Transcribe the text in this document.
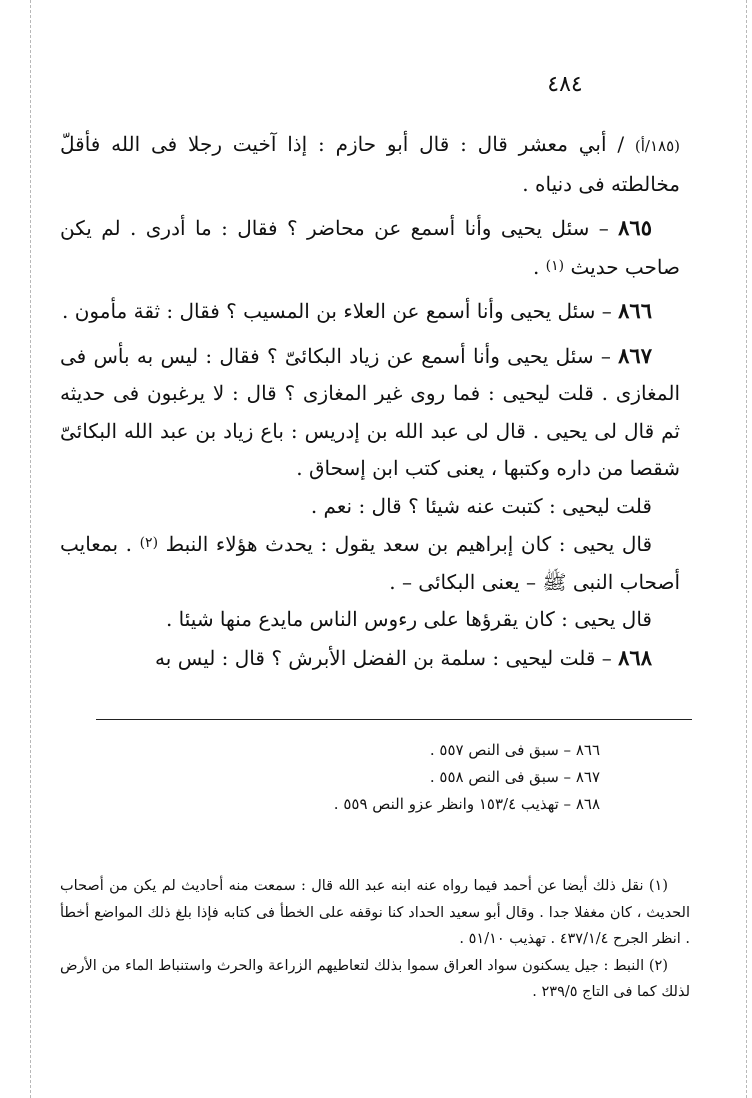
٤٨٤

(١٨٥/أ) / أبي معشر قال : قال أبو حازم : إذا آخيت رجلا فى الله فأقلّ مخالطته فى دنياه .

٨٦٥ – سئل يحيى وأنا أسمع عن محاضر ؟ فقال : ما أدرى . لم يكن صاحب حديث $^{(١)}$ .

٨٦٦ – سئل يحيى وأنا أسمع عن العلاء بن المسيب ؟ فقال : ثقة مأمون .

٨٦٧ – سئل يحيى وأنا أسمع عن زياد البكائىّ ؟ فقال : ليس به بأس فى المغازى . قلت ليحيى : فما روى غير المغازى ؟ قال : لا يرغبون فى حديثه ثم قال لى يحيى . قال لى عبد الله بن إدريس : باع زياد بن عبد الله البكائىّ شقصا من داره وكتبها ، يعنى كتب ابن إسحاق .

قلت ليحيى : كتبت عنه شيئا ؟ قال : نعم .

قال يحيى : كان إبراهيم بن سعد يقول : يحدث هؤلاء النبط $^{(٢)}$ . بمعايب أصحاب النبى ﷺ – يعنى البكائى – .

قال يحيى : كان يقرؤها على رءوس الناس مايدع منها شيئا .

٨٦٨ – قلت ليحيى : سلمة بن الفضل الأبرش ؟ قال : ليس به

٨٦٦ – سبق فى النص ٥٥٧ .

٨٦٧ – سبق فى النص ٥٥٨ .

٨٦٨ – تهذيب ١٥٣/٤ وانظر عزو النص ٥٥٩ .

(١) نقل ذلك أيضا عن أحمد فيما رواه عنه ابنه عبد الله قال : سمعت منه أحاديث لم يكن من أصحاب الحديث ، كان مغفلا جدا . وقال أبو سعيد الحداد كنا نوقفه على الخطأ فى كتابه فإذا بلغ ذلك المواضع أخطأ . انظر الجرح ٤٣٧/١/٤ . تهذيب ٥١/١٠ .

(٢) النبط : جيل يسكنون سواد العراق سموا بذلك لتعاطيهم الزراعة والحرث واستنباط الماء من الأرض لذلك كما فى التاج ٢٣٩/٥ .
